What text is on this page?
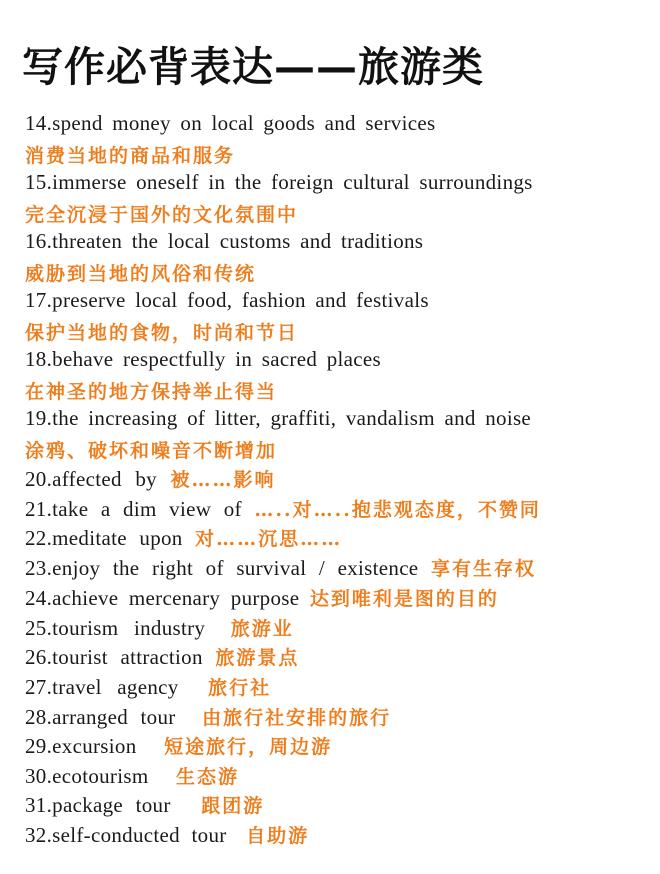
写作必背表达——旅游类
14.spend money on local goods and services
消费当地的商品和服务
15.immerse oneself in the foreign cultural surroundings
完全沉浸于国外的文化氛围中
16.threaten the local customs and traditions
威胁到当地的风俗和传统
17.preserve local food, fashion and festivals
保护当地的食物，时尚和节日
18.behave respectfully in sacred places
在神圣的地方保持举止得当
19.the increasing of litter, graffiti, vandalism and noise
涂鸦、破坏和噪音不断增加
20.affected by 被……影响
21.take a dim view of …..对…..抱悲观态度，不赞同
22.meditate upon 对……沉思……
23.enjoy the right of survival / existence 享有生存权
24.achieve mercenary purpose 达到唯利是图的目的
25.tourism industry 旅游业
26.tourist attraction 旅游景点
27.travel agency 旅行社
28.arranged tour 由旅行社安排的旅行
29.excursion 短途旅行，周边游
30.ecotourism 生态游
31.package tour 跟团游
32.self-conducted tour 自助游
